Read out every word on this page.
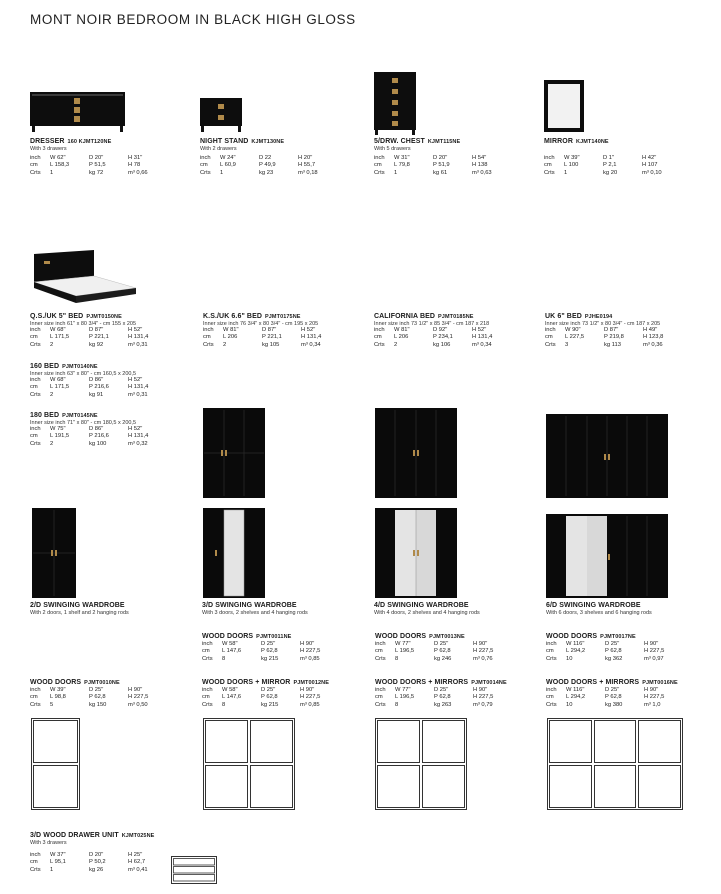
MONT NOIR BEDROOM IN BLACK HIGH GLOSS
DRESSER 160 KJMT120NE
With 3 drawers
inch	W 62"	D 20"	H 31"
cm	L 158,3	P 51,5	H 78
Crts	1	kg 72	m³ 0,66
NIGHT STAND KJMT130NE
With 2 drawers
inch	W 24"	D 22	H 20"
cm	L 60,9	P 49,9	H 55,7
Crts	1	kg 23	m³ 0,18
5/DRW. CHEST KJMT115NE
With 5 drawers
inch	W 31"	D 20"	H 54"
cm	L 79,8	P 51,9	H 138
Crts	1	kg 61	m³ 0,63
MIRROR KJMT140NE
inch	W 39"	D 1"	H 42"
cm	L 100	P 2,1	H 107
Crts	1	kg 20	m³ 0,10
Q.S./UK 5" BED PJMT0150NE
Inner size inch 61" x 80 3/4" - cm 155 x 205
inch	W 68"	D 87"	H 52"
cm	L 171,5	P 221,1	H 131,4
Crts	2	kg 92	m³ 0,31
K.S./UK 6.6" BED PJMT0175NE
Inner size inch 76 3/4" x 80 3/4" - cm 195 x 205
inch	W 81"	D 87"	H 52"
cm	L 206	P 221,1	H 131,4
Crts	2	kg 105	m³ 0,34
CALIFORNIA BED PJMT0185NE
Inner size inch 73 1/2" x 85 3/4" - cm 187 x 218
inch	W 81"	D 92"	H 52"
cm	L 206	P 234,1	H 131,4
Crts	2	kg 106	m³ 0,34
UK 6" BED PJHE0194
Inner size inch 73 1/2" x 80 3/4" - cm 187 x 205
inch	W 90"	D 87"	H 49"
cm	L 227,5	P 219,8	H 123,8
Crts	3	kg 113	m³ 0,36
160 BED PJMT0140NE
Inner size inch 63" x 80" - cm 160,5 x 200,5
inch	W 68"	D 86"	H 52"
cm	L 171,5	P 216,6	H 131,4
Crts	2	kg 91	m³ 0,31
180 BED PJMT0145NE
Inner size inch 71" x 80" - cm 180,5 x 200,5
inch	W 75"	D 86"	H 52"
cm	L 191,5	P 216,6	H 131,4
Crts	2	kg 100	m³ 0,32
2/D SWINGING WARDROBE
With 2 doors, 1 shelf and 2 hanging rods
3/D SWINGING WARDROBE
With 3 doors, 2 shelves and 4 hanging rods
4/D SWINGING WARDROBE
With 4 doors, 2 shelves and 4 hanging rods
6/D SWINGING WARDROBE
With 6 doors, 3 shelves and 6 hanging rods
WOOD DOORS PJMT0011NE
inch	W 58"	D 25"	H 90"
cm	L 147,6	P 62,8	H 227,5
Crts	8	kg 215	m³ 0,85
WOOD DOORS PJMT0013NE
inch	W 77"	D 25"	H 90"
cm	L 196,5	P 62,8	H 227,5
Crts	8	kg 246	m³ 0,76
WOOD DOORS PJMT0017NE
inch	W 116"	D 25"	H 90"
cm	L 294,2	P 62,8	H 227,5
Crts	10	kg 362	m³ 0,97
WOOD DOORS PJMT0010NE
inch	W 39"	D 25"	H 90"
cm	L 98,8	P 62,8	H 227,5
Crts	5	kg 150	m³ 0,50
WOOD DOORS + MIRROR PJMT0012NE
inch	W 58"	D 25"	H 90"
cm	L 147,6	P 62,8	H 227,5
Crts	8	kg 215	m³ 0,85
WOOD DOORS + MIRRORS PJMT0014NE
inch	W 77"	D 25"	H 90"
cm	L 196,5	P 62,8	H 227,5
Crts	8	kg 263	m³ 0,79
WOOD DOORS + MIRRORS PJMT0016NE
inch	W 116"	D 25"	H 90"
cm	L 294,2	P 62,8	H 227,5
Crts	10	kg 380	m³ 1,0
3/D WOOD DRAWER UNIT KJMT025NE
With 3 drawers
inch	W 37"	D 20"	H 25"
cm	L 95,1	P 50,2	H 62,7
Crts	1	kg 26	m³ 0,41
